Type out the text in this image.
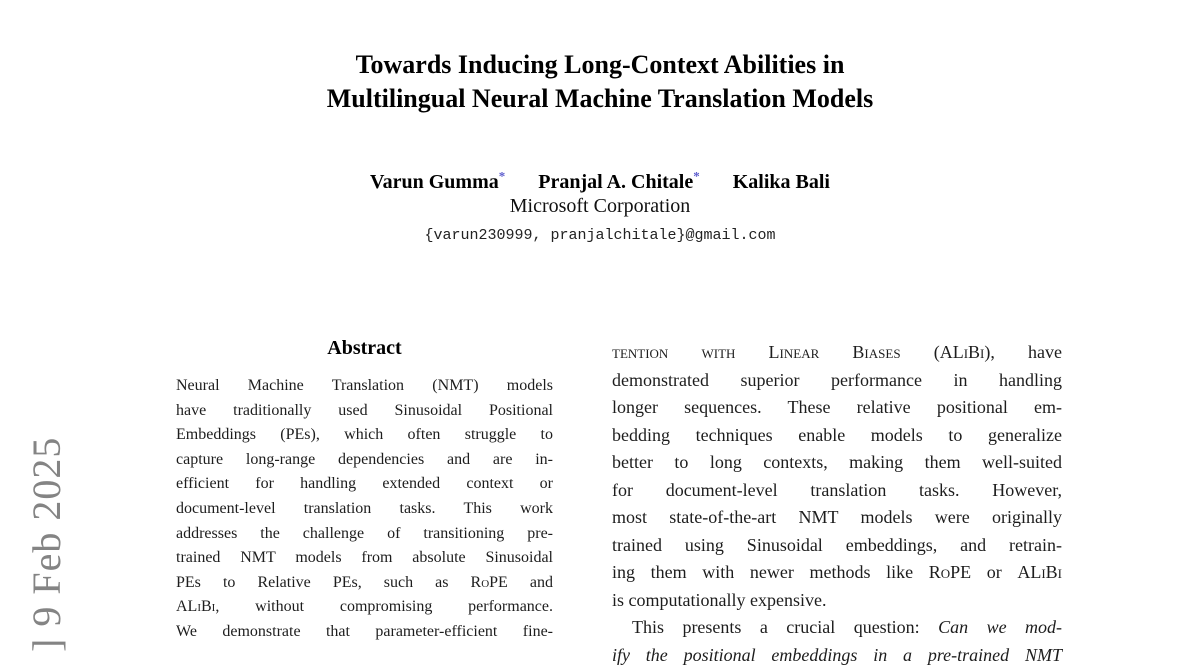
] 9 Feb 2025
Towards Inducing Long-Context Abilities in
Multilingual Neural Machine Translation Models
Varun Gumma* Pranjal A. Chitale* Kalika Bali
Microsoft Corporation
{varun230999, pranjalchitale}@gmail.com
Abstract
Neural Machine Translation (NMT) models
have traditionally used Sinusoidal Positional
Embeddings (PEs), which often struggle to
capture long-range dependencies and are in-
efficient for handling extended context or
document-level translation tasks. This work
addresses the challenge of transitioning pre-
trained NMT models from absolute Sinusoidal
PEs to Relative PEs, such as RoPE and
ALiBi, without compromising performance.
We demonstrate that parameter-efficient fine-
tention with Linear Biases (ALiBi), have
demonstrated superior performance in handling
longer sequences. These relative positional em-
bedding techniques enable models to generalize
better to long contexts, making them well-suited
for document-level translation tasks. However,
most state-of-the-art NMT models were originally
trained using Sinusoidal embeddings, and retrain-
ing them with newer methods like RoPE or ALiBi
is computationally expensive.
This presents a crucial question: Can we mod-
ify the positional embeddings in a pre-trained NMT
